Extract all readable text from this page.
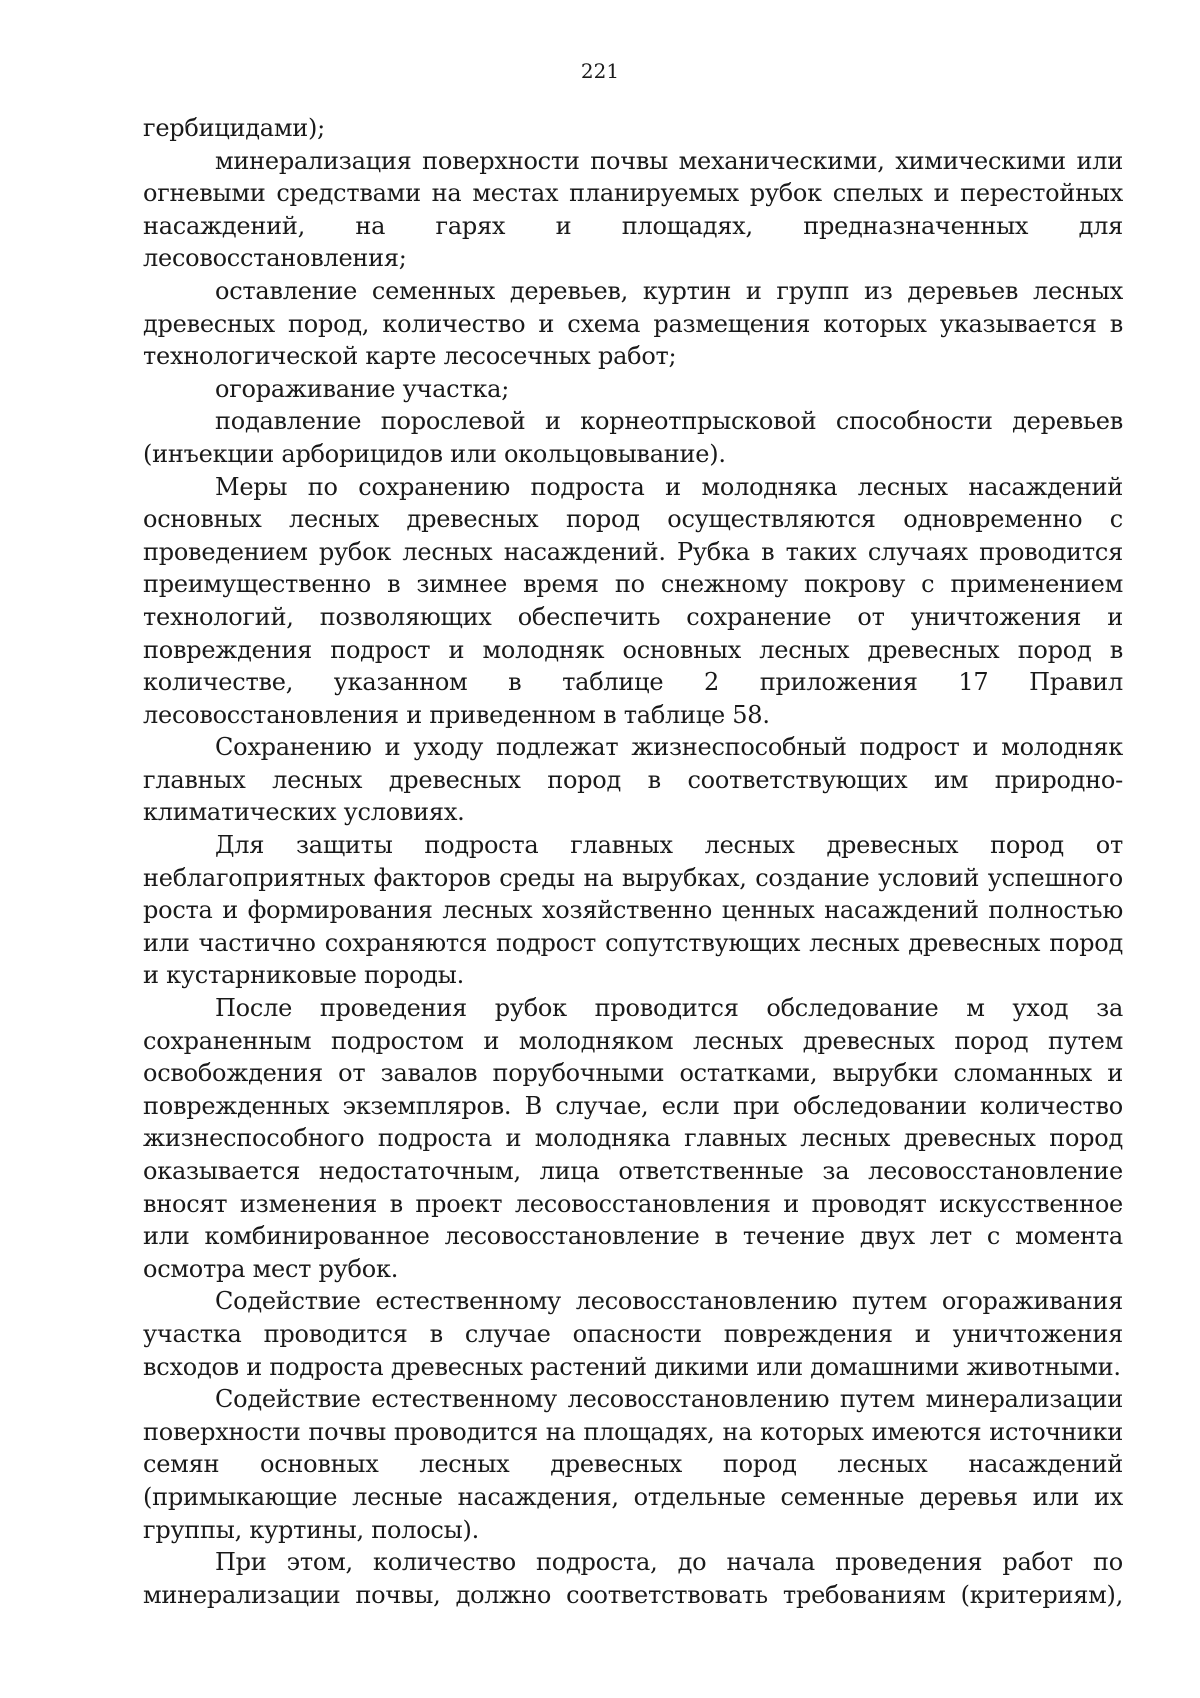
221

гербицидами);

минерализация поверхности почвы механическими, химическими или огневыми средствами на местах планируемых рубок спелых и перестойных насаждений, на гарях и площадях, предназначенных для лесовосстановления;

оставление семенных деревьев, куртин и групп из деревьев лесных древесных пород, количество и схема размещения которых указывается в технологической карте лесосечных работ;

огораживание участка;

подавление порослевой и корнеотпрысковой способности деревьев (инъекции арборицидов или окольцовывание).

Меры по сохранению подроста и молодняка лесных насаждений основных лесных древесных пород осуществляются одновременно с проведением рубок лесных насаждений. Рубка в таких случаях проводится преимущественно в зимнее время по снежному покрову с применением технологий, позволяющих обеспечить сохранение от уничтожения и повреждения подрост и молодняк основных лесных древесных пород в количестве, указанном в таблице 2 приложения 17 Правил лесовосстановления и приведенном в таблице 58.

Сохранению и уходу подлежат жизнеспособный подрост и молодняк главных лесных древесных пород в соответствующих им природно-климатических условиях.

Для защиты подроста главных лесных древесных пород от неблагоприятных факторов среды на вырубках, создание условий успешного роста и формирования лесных хозяйственно ценных насаждений полностью или частично сохраняются подрост сопутствующих лесных древесных пород и кустарниковые породы.

После проведения рубок проводится обследование м уход за сохраненным подростом и молодняком лесных древесных пород путем освобождения от завалов порубочными остатками, вырубки сломанных и поврежденных экземпляров. В случае, если при обследовании количество жизнеспособного подроста и молодняка главных лесных древесных пород оказывается недостаточным, лица ответственные за лесовосстановление вносят изменения в проект лесовосстановления и проводят искусственное или комбинированное лесовосстановление в течение двух лет с момента осмотра мест рубок.

Содействие естественному лесовосстановлению путем огораживания участка проводится в случае опасности повреждения и уничтожения всходов и подроста древесных растений дикими или домашними животными.

Содействие естественному лесовосстановлению путем минерализации поверхности почвы проводится на площадях, на которых имеются источники семян основных лесных древесных пород лесных насаждений (примыкающие лесные насаждения, отдельные семенные деревья или их группы, куртины, полосы).

При этом, количество подроста, до начала проведения работ по минерализации почвы, должно соответствовать требованиям (критериям),
